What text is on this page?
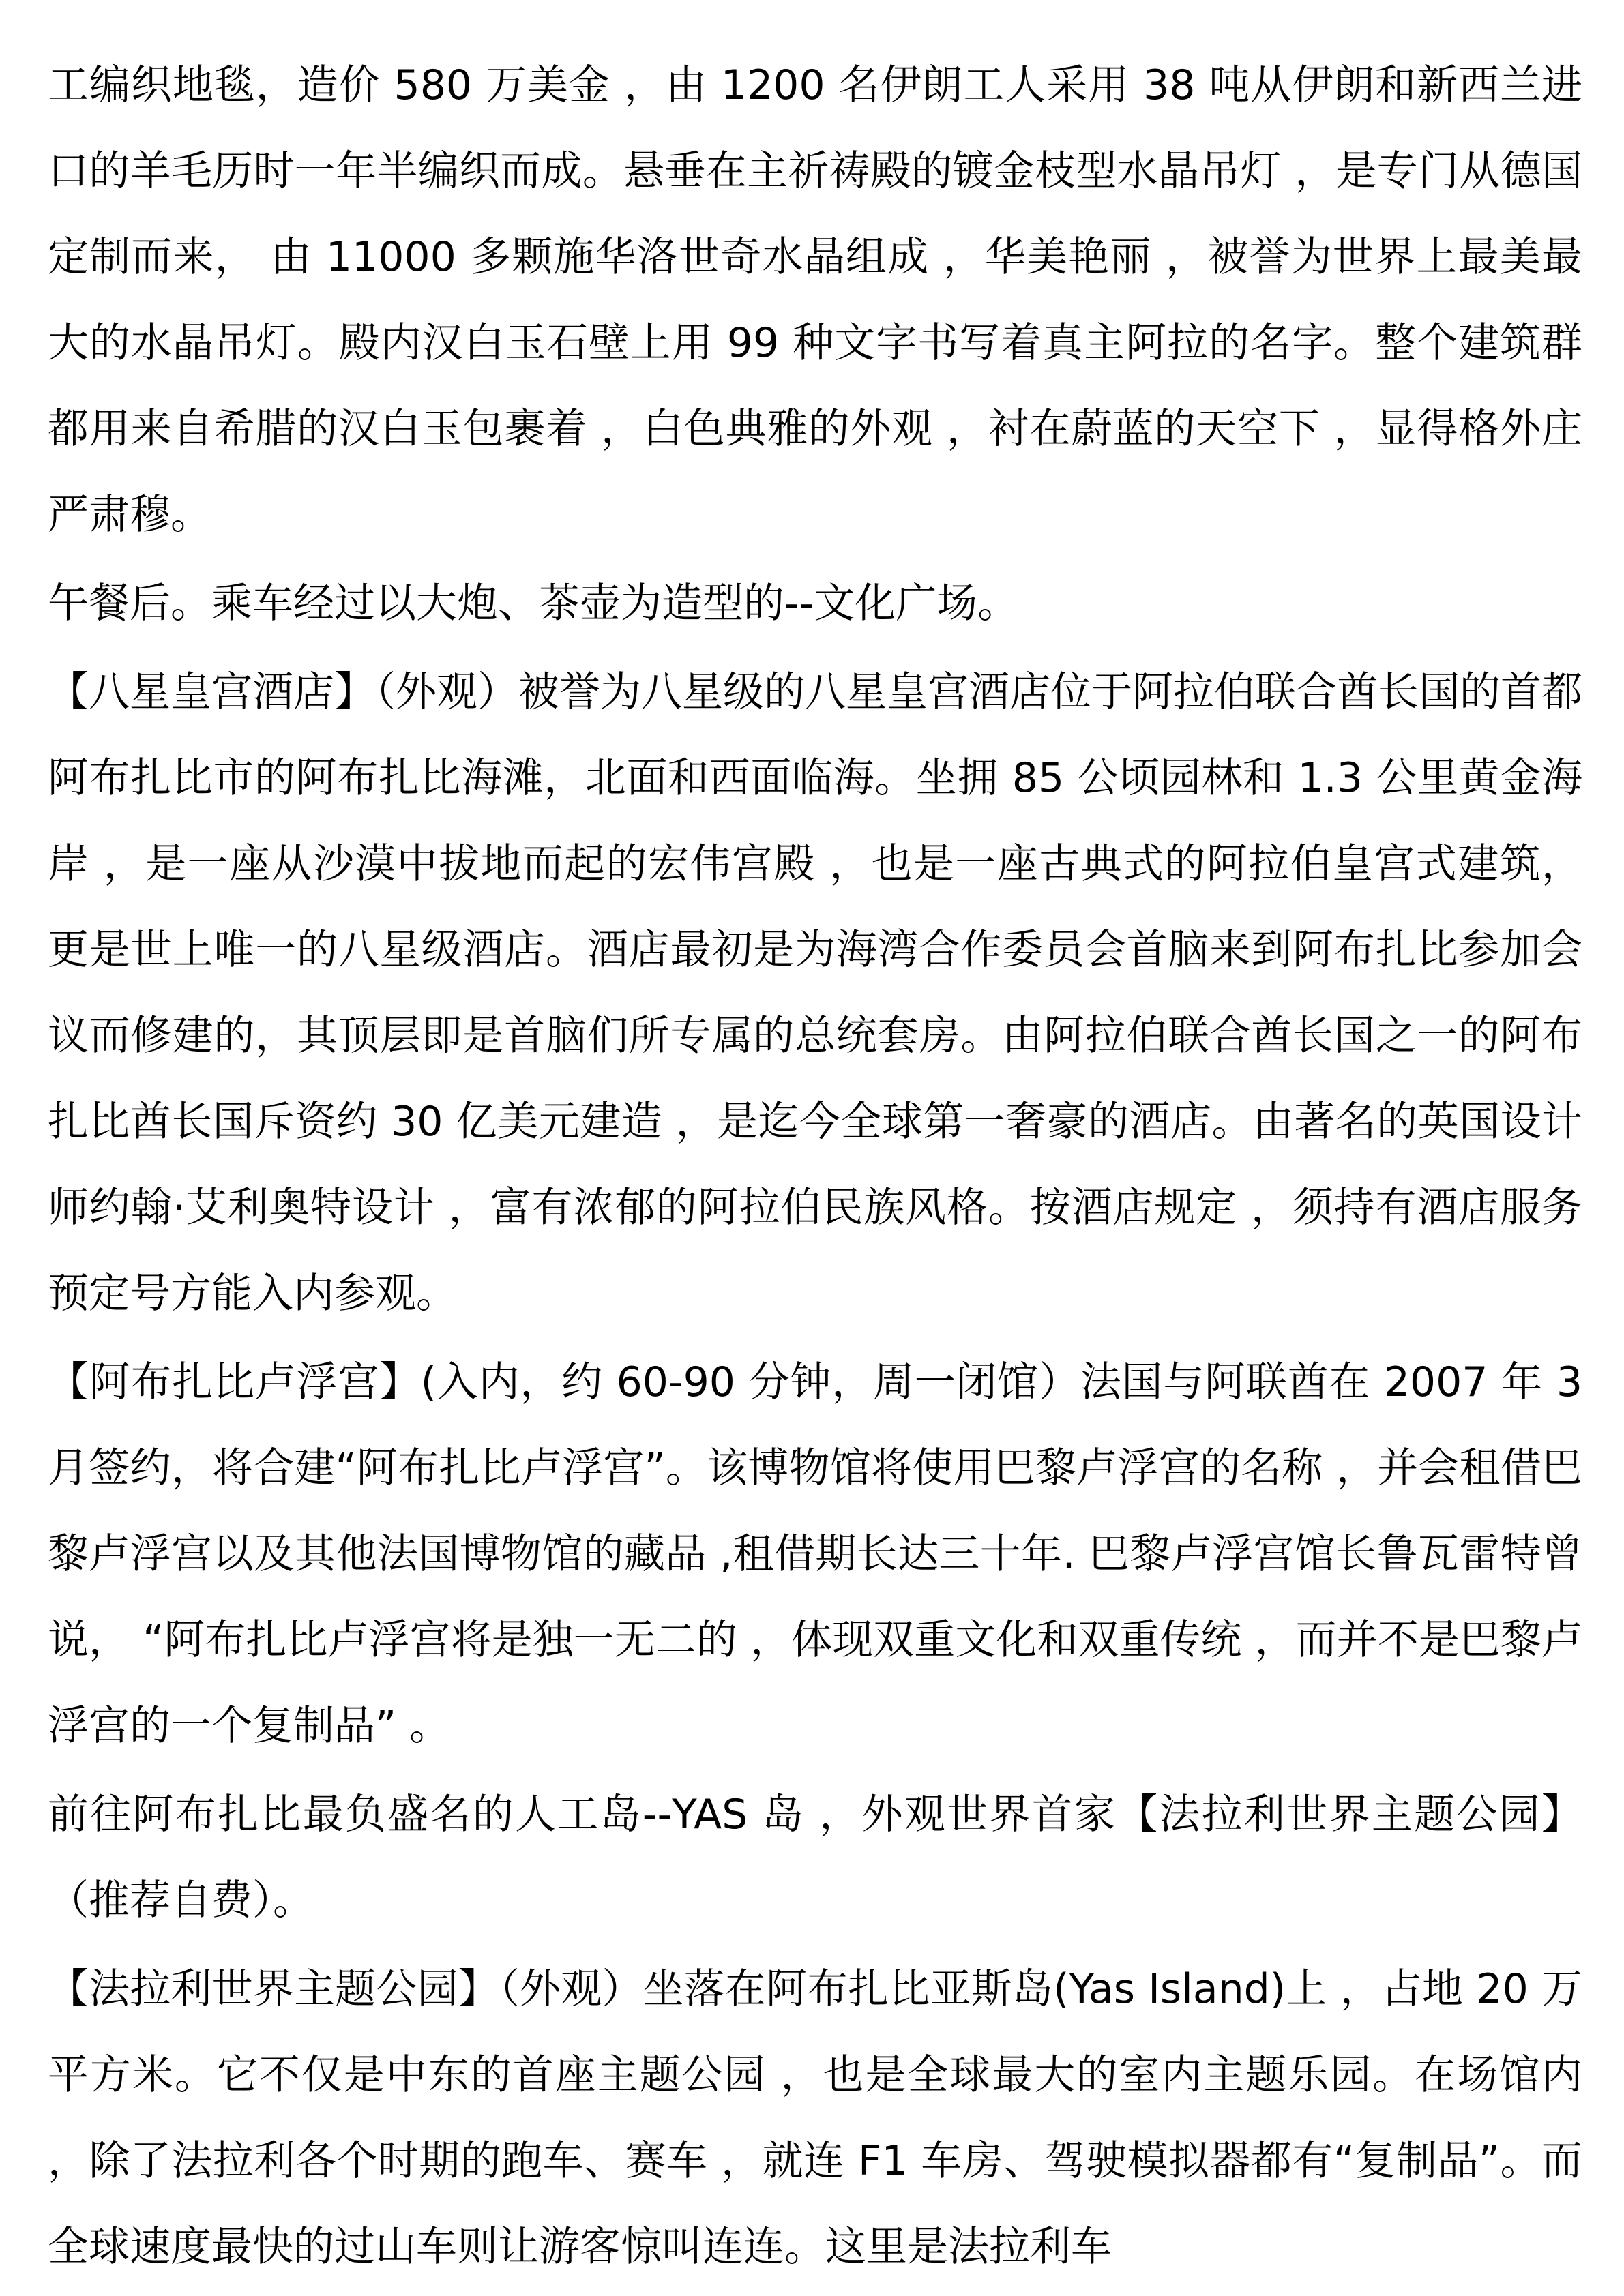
工编织地毯，造价 580 万美金 ，由 1200 名伊朗工人采用 38 吨从伊朗和新西兰进口的羊毛历时一年半编织而成。悬垂在主祈祷殿的镀金枝型水晶吊灯 ，是专门从德国定制而来， 由 11000 多颗施华洛世奇水晶组成 ，华美艳丽 ，被誉为世界上最美最大的水晶吊灯。殿内汉白玉石壁上用 99 种文字书写着真主阿拉的名字。整个建筑群都用来自希腊的汉白玉包裹着 ，白色典雅的外观 ，衬在蔚蓝的天空下 ，显得格外庄严肃穆。

午餐后。乘车经过以大炮、茶壶为造型的--文化广场。

【八星皇宫酒店】（外观）被誉为八星级的八星皇宫酒店位于阿拉伯联合酋长国的首都阿布扎比市的阿布扎比海滩，北面和西面临海。坐拥 85 公顷园林和 1.3 公里黄金海岸 ，是一座从沙漠中拔地而起的宏伟宫殿 ，也是一座古典式的阿拉伯皇宫式建筑，更是世上唯一的八星级酒店。酒店最初是为海湾合作委员会首脑来到阿布扎比参加会议而修建的，其顶层即是首脑们所专属的总统套房。由阿拉伯联合酋长国之一的阿布扎比酋长国斥资约 30 亿美元建造 ，是迄今全球第一奢豪的酒店。由著名的英国设计师约翰·艾利奥特设计 ，富有浓郁的阿拉伯民族风格。按酒店规定 ，须持有酒店服务预定号方能入内参观。

【阿布扎比卢浮宫】(入内，约 60-90 分钟，周一闭馆）法国与阿联酋在 2007 年 3 月签约，将合建“阿布扎比卢浮宫”。该博物馆将使用巴黎卢浮宫的名称 ，并会租借巴黎卢浮宫以及其他法国博物馆的藏品 ,租借期长达三十年. 巴黎卢浮宫馆长鲁瓦雷特曾说， “阿布扎比卢浮宫将是独一无二的 ，体现双重文化和双重传统 ，而并不是巴黎卢浮宫的一个复制品” 。

前往阿布扎比最负盛名的人工岛--YAS 岛 ，外观世界首家【法拉利世界主题公园】（推荐自费）。

【法拉利世界主题公园】（外观）坐落在阿布扎比亚斯岛(Yas Island)上 ，占地 20 万平方米。它不仅是中东的首座主题公园 ，也是全球最大的室内主题乐园。在场馆内 ，除了法拉利各个时期的跑车、赛车 ，就连 F1 车房、驾驶模拟器都有“复制品”。而全球速度最快的过山车则让游客惊叫连连。这里是法拉利车
